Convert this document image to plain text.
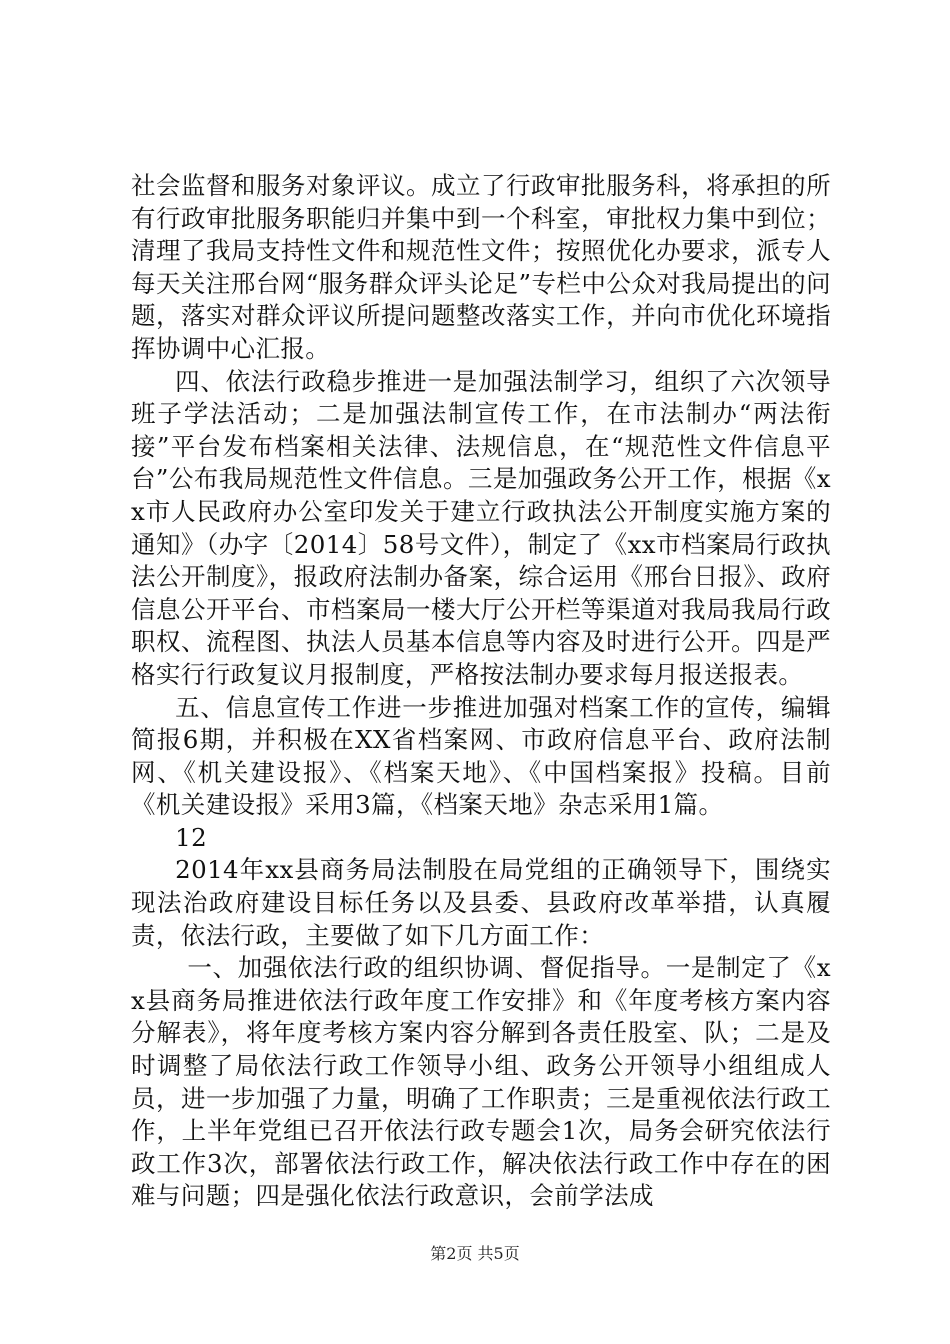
社会监督和服务对象评议。成立了行政审批服务科，将承担的所有行政审批服务职能归并集中到一个科室，审批权力集中到位；清理了我局支持性文件和规范性文件；按照优化办要求，派专人每天关注邢台网“服务群众评头论足”专栏中公众对我局提出的问题，落实对群众评议所提问题整改落实工作，并向市优化环境指挥协调中心汇报。

四、依法行政稳步推进一是加强法制学习，组织了六次领导班子学法活动；二是加强法制宣传工作，在市法制办“两法衔接”平台发布档案相关法律、法规信息，在“规范性文件信息平台”公布我局规范性文件信息。三是加强政务公开工作，根据《xx市人民政府办公室印发关于建立行政执法公开制度实施方案的通知》（办字〔2014〕58号文件），制定了《xx市档案局行政执法公开制度》，报政府法制办备案，综合运用《邢台日报》、政府信息公开平台、市档案局一楼大厅公开栏等渠道对我局我局行政职权、流程图、执法人员基本信息等内容及时进行公开。四是严格实行行政复议月报制度，严格按法制办要求每月报送报表。

五、信息宣传工作进一步推进加强对档案工作的宣传，编辑简报6期，并积极在XX省档案网、市政府信息平台、政府法制网、《机关建设报》、《档案天地》、《中国档案报》投稿。目前《机关建设报》采用3篇，《档案天地》杂志采用1篇。

12

2014年xx县商务局法制股在局党组的正确领导下，围绕实现法治政府建设目标任务以及县委、县政府改革举措，认真履责，依法行政，主要做了如下几方面工作：

一、加强依法行政的组织协调、督促指导。一是制定了《xx县商务局推进依法行政年度工作安排》和《年度考核方案内容分解表》，将年度考核方案内容分解到各责任股室、队；二是及时调整了局依法行政工作领导小组、政务公开领导小组组成人员，进一步加强了力量，明确了工作职责；三是重视依法行政工作，上半年党组已召开依法行政专题会1次，局务会研究依法行政工作3次，部署依法行政工作，解决依法行政工作中存在的困难与问题；四是强化依法行政意识，会前学法成

第2页 共5页
